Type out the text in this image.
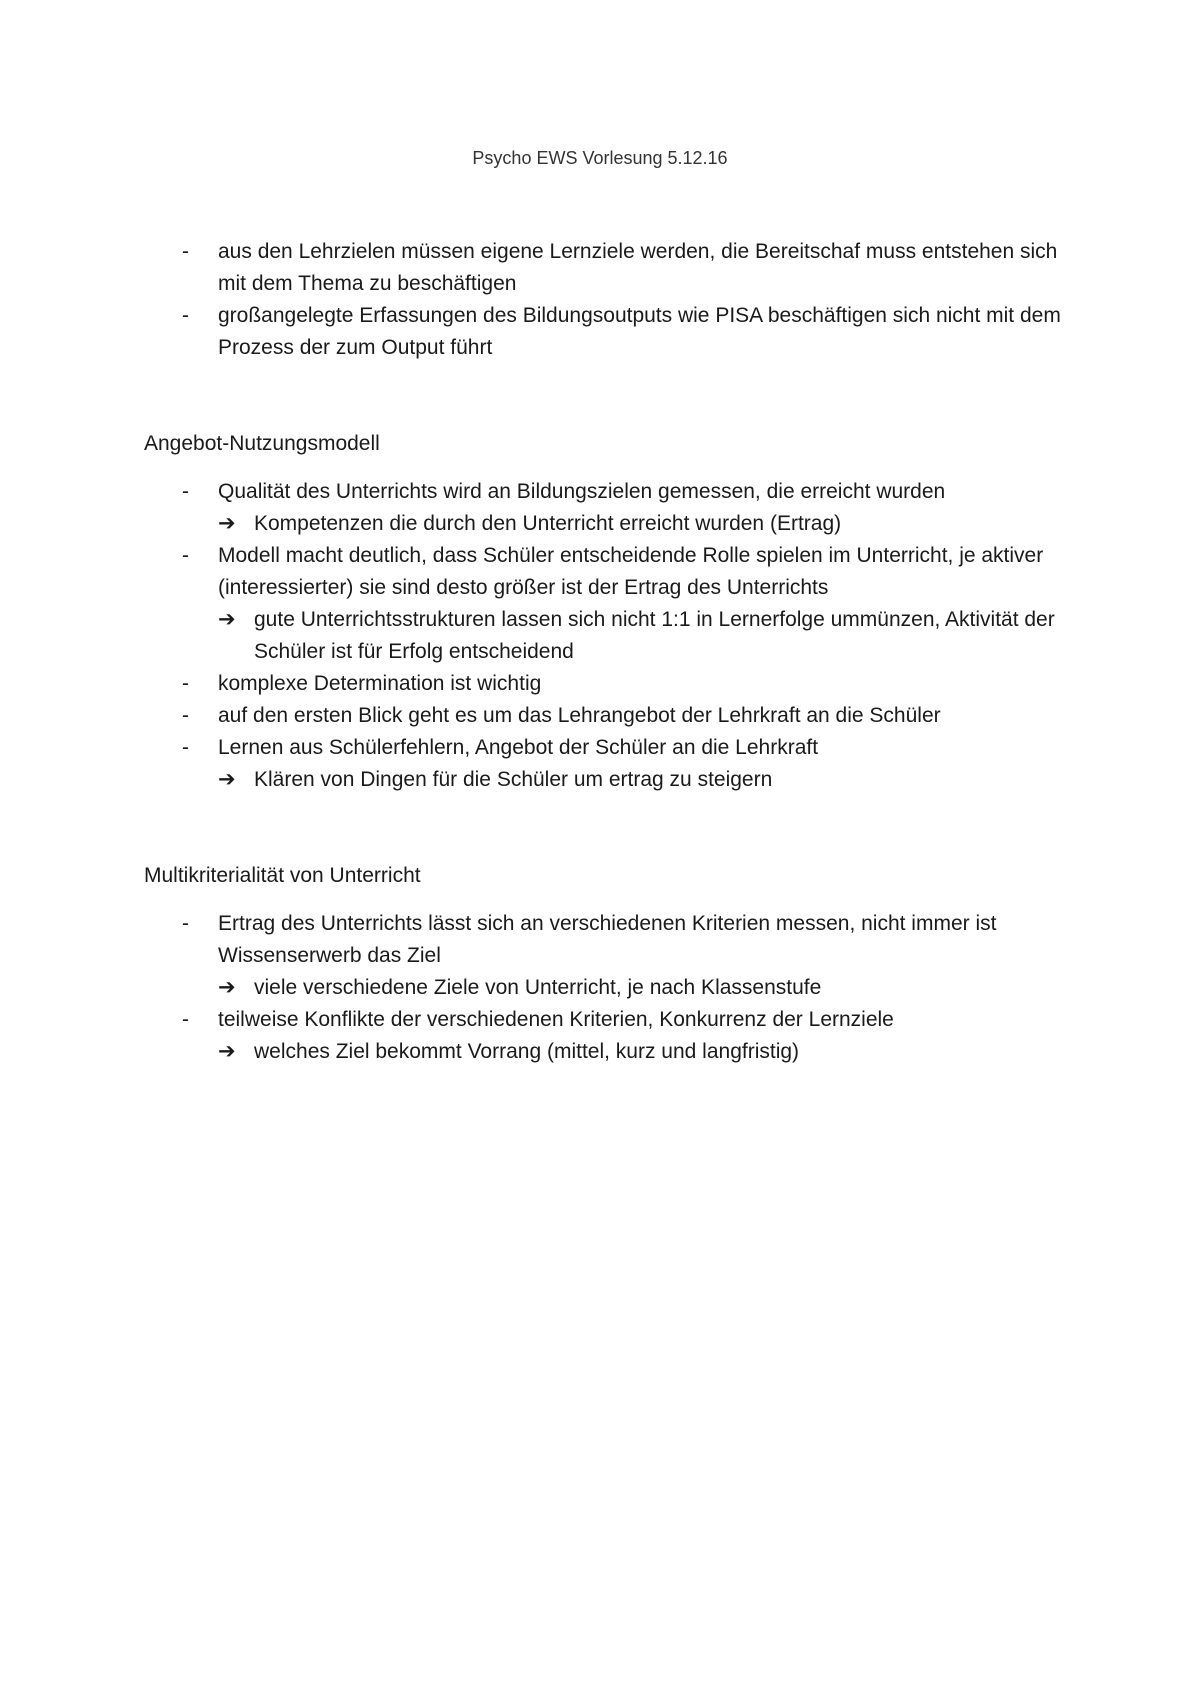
Psycho EWS Vorlesung 5.12.16
-	aus den Lehrzielen müssen eigene Lernziele werden, die Bereitschaf muss entstehen sich mit dem Thema zu beschäftigen
-	großangelegte Erfassungen des Bildungsoutputs wie PISA beschäftigen sich nicht mit dem Prozess der zum Output führt
Angebot-Nutzungsmodell
-	Qualität des Unterrichts wird an Bildungszielen gemessen, die erreicht wurden
➔ Kompetenzen die durch den Unterricht erreicht wurden (Ertrag)
-	Modell macht deutlich, dass Schüler entscheidende Rolle spielen im Unterricht, je aktiver (interessierter) sie sind desto größer ist der Ertrag des Unterrichts
➔ gute Unterrichtsstrukturen lassen sich nicht 1:1 in Lernerfolge ummünzen, Aktivität der Schüler ist für Erfolg entscheidend
-	komplexe Determination ist wichtig
-	auf den ersten Blick geht es um das Lehrangebot der Lehrkraft an die Schüler
-	Lernen aus Schülerfehlern, Angebot der Schüler an die Lehrkraft
➔ Klären von Dingen für die Schüler um ertrag zu steigern
Multikriterialität von Unterricht
-	Ertrag des Unterrichts lässt sich an verschiedenen Kriterien messen, nicht immer ist Wissenserwerb das Ziel
➔ viele verschiedene Ziele von Unterricht, je nach Klassenstufe
-	teilweise Konflikte der verschiedenen Kriterien, Konkurrenz der Lernziele
➔ welches Ziel bekommt Vorrang (mittel, kurz und langfristig)
